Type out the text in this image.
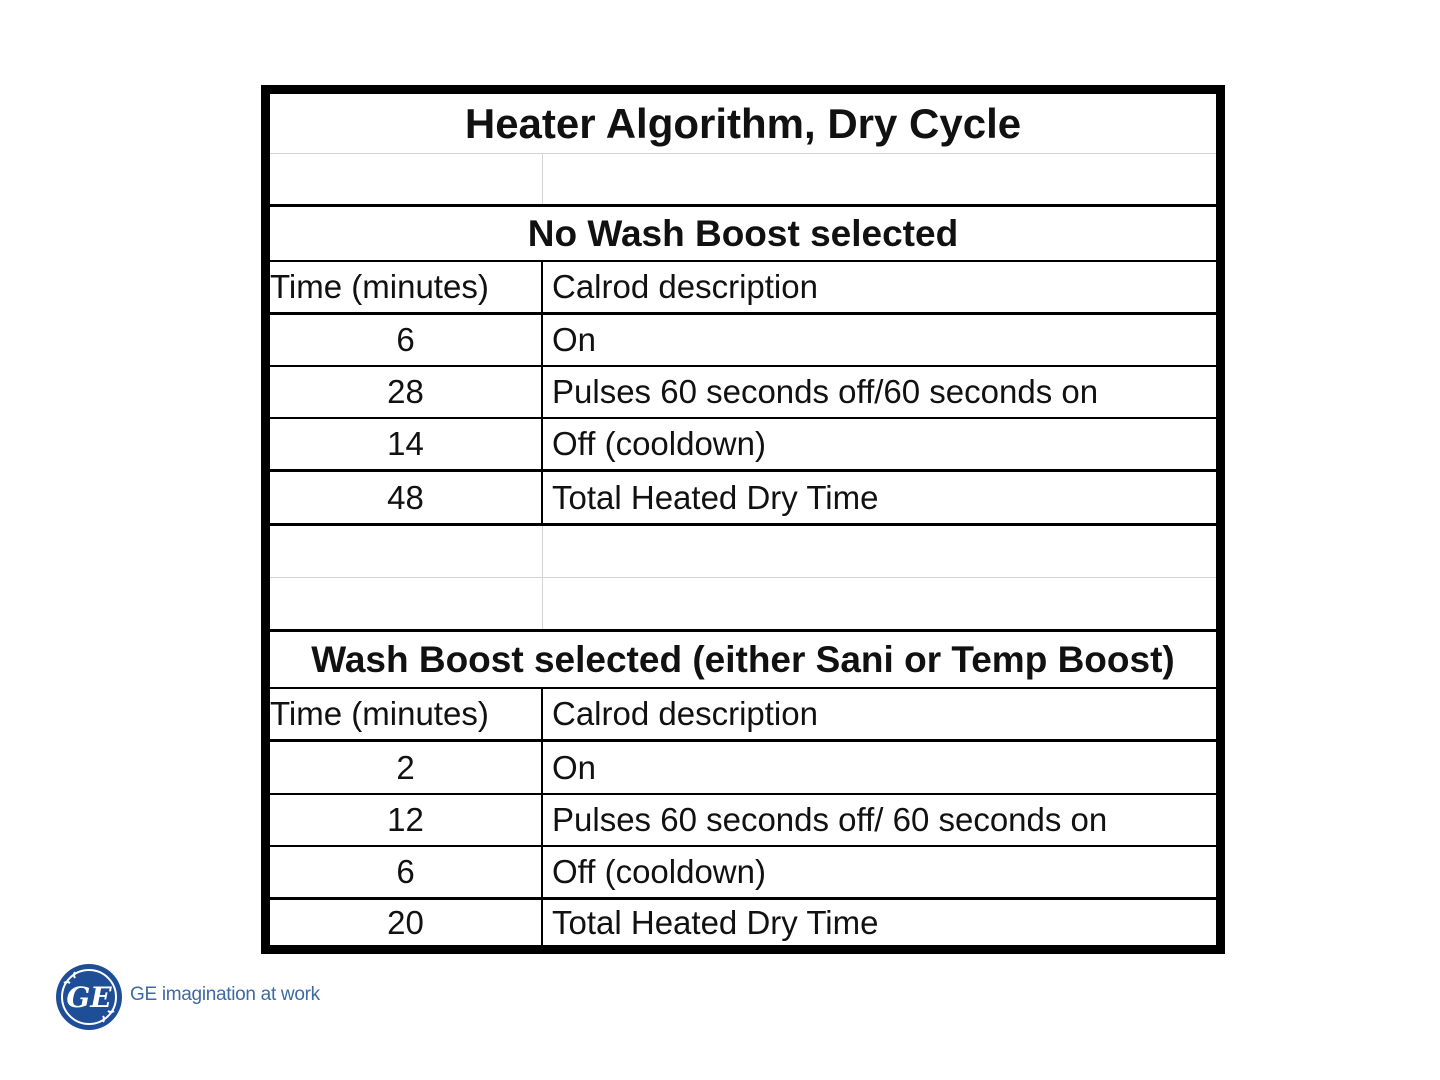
Heater Algorithm, Dry Cycle
No Wash Boost selected
Time (minutes)	Calrod description
6	On
28	Pulses 60 seconds off/60 seconds on
14	Off (cooldown)
48	Total Heated Dry Time
Wash Boost selected (either Sani or Temp Boost)
Time (minutes)	Calrod description
2	On
12	Pulses 60 seconds off/ 60 seconds on
6	Off (cooldown)
20	Total Heated Dry Time
GE GE imagination at work
